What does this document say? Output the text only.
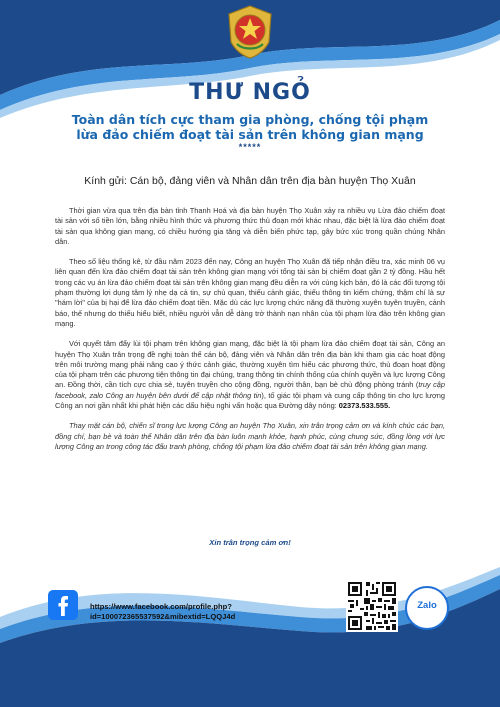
THƯ NGỎ
Toàn dân tích cực tham gia phòng, chống tội phạm
lừa đảo chiếm đoạt tài sản trên không gian mạng
*****
Kính gửi: Cán bộ, đảng viên và Nhân dân trên địa bàn huyện Thọ Xuân

Thời gian vừa qua trên địa bàn tỉnh Thanh Hoá và địa bàn huyện Thọ Xuân xảy ra nhiều vụ Lừa đảo chiếm đoạt tài sản với số tiền lớn, bằng nhiều hình thức và phương thức thủ đoạn mới khác nhau, đặc biệt là lừa đảo chiếm đoạt tài sản qua không gian mạng, có chiều hướng gia tăng và diễn biến phức tạp, gây bức xúc trong quần chúng Nhân dân.

Theo số liệu thống kê, từ đầu năm 2023 đến nay, Công an huyện Thọ Xuân đã tiếp nhận điều tra, xác minh 06 vụ liên quan đến lừa đảo chiếm đoạt tài sản trên không gian mạng với tổng tài sản bị chiếm đoạt gần 2 tỷ đồng. Hầu hết trong các vụ án lừa đảo chiếm đoạt tài sản trên không gian mạng đều diễn ra với cùng kịch bản, đó là các đối tượng tội phạm thường lợi dụng tâm lý nhẹ dạ cả tin, sự chủ quan, thiếu cảnh giác, thiếu thông tin kiểm chứng, thậm chí là sự "hám lời" của bị hại để lừa đảo chiếm đoạt tiền. Mặc dù các lực lượng chức năng đã thường xuyên tuyên truyền, cảnh báo, thế nhưng do thiếu hiểu biết, nhiều người vẫn dễ dàng trở thành nạn nhân của tội phạm lừa đảo trên không gian mạng.

Với quyết tâm đẩy lùi tội phạm trên không gian mạng, đặc biệt là tội phạm lừa đảo chiếm đoạt tài sản, Công an huyện Thọ Xuân trân trọng đề nghị toàn thể cán bộ, đảng viên và Nhân dân trên địa bàn khi tham gia các hoạt động trên môi trường mạng phải nâng cao ý thức cảnh giác, thường xuyên tìm hiểu các phương thức, thủ đoạn hoạt động của tội phạm trên các phương tiện thông tin đại chúng, trang thông tin chính thống của chính quyền và lực lượng Công an. Đồng thời, cần tích cực chia sẻ, tuyên truyền cho cộng đồng, người thân, bạn bè chủ động phòng tránh (truy cập facebook, zalo Công an huyện bên dưới để cập nhật thông tin), tố giác tội phạm và cung cấp thông tin cho lực lượng Công an nơi gần nhất khi phát hiện các dấu hiệu nghi vấn hoặc qua Đường dây nóng: 02373.533.555.

Thay mặt cán bộ, chiến sĩ trong lực lượng Công an huyện Thọ Xuân, xin trân trọng cảm ơn và kính chúc các bạn, đồng chí, bạn bè và toàn thể Nhân dân trên địa bàn luôn mạnh khỏe, hạnh phúc, cùng chung sức, đồng lòng với lực lượng Công an trong công tác đấu tranh phòng, chống tội phạm lừa đảo chiếm đoạt tài sản trên không gian mạng.

Xin trân trọng cảm ơn!
https://www.facebook.com/profile.php?
id=100072365537592&mibextid=LQQJ4d
Zalo
